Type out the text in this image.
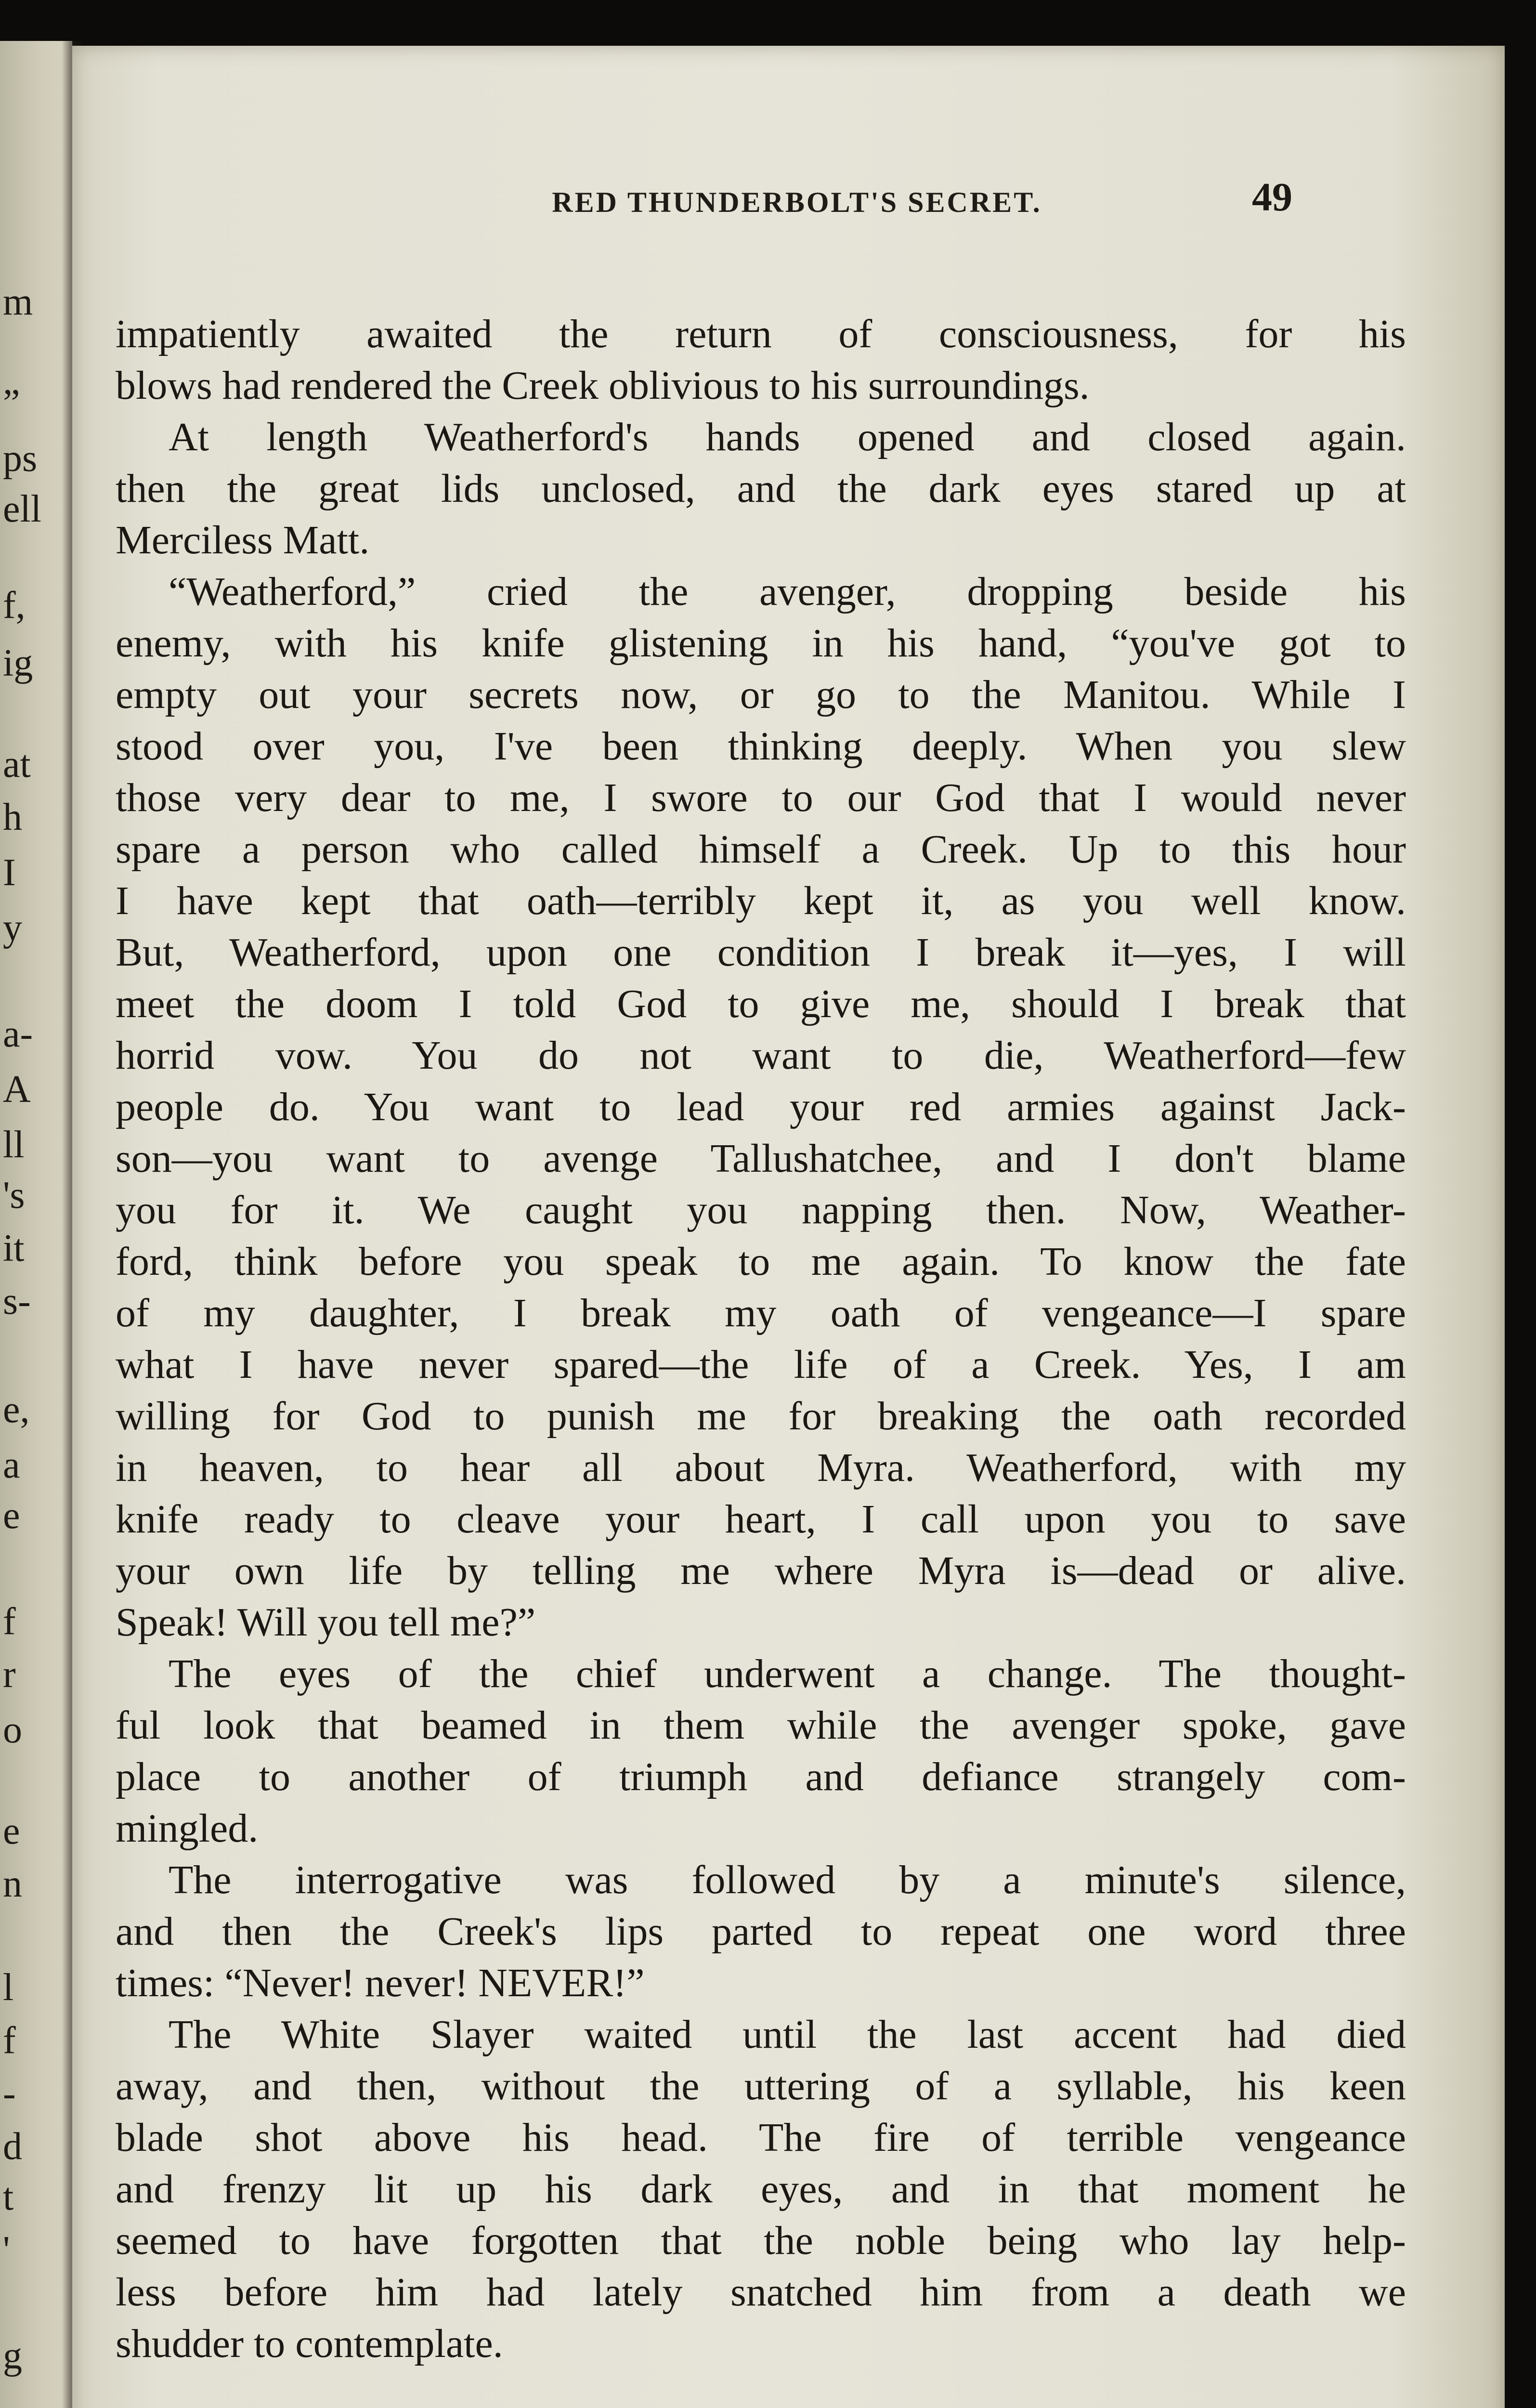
m
”
ps
ell
f,
ig
at
h
I
y
a-
A
ll
's
it
s-
e,
a
e
f
r
o
e
n
l
f
-
d
t
'
g
RED THUNDERBOLT'S SECRET.	49
impatiently awaited the return of consciousness, for his
blows had rendered the Creek oblivious to his surroundings.
At length Weatherford's hands opened and closed again.
then the great lids unclosed, and the dark eyes stared up at
Merciless Matt.
“Weatherford,” cried the avenger, dropping beside his
enemy, with his knife glistening in his hand, “you've got to
empty out your secrets now, or go to the Manitou. While I
stood over you, I've been thinking deeply. When you slew
those very dear to me, I swore to our God that I would never
spare a person who called himself a Creek. Up to this hour
I have kept that oath—terribly kept it, as you well know.
But, Weatherford, upon one condition I break it—yes, I will
meet the doom I told God to give me, should I break that
horrid vow. You do not want to die, Weatherford—few
people do. You want to lead your red armies against Jack-
son—you want to avenge Tallushatchee, and I don't blame
you for it. We caught you napping then. Now, Weather-
ford, think before you speak to me again. To know the fate
of my daughter, I break my oath of vengeance—I spare
what I have never spared—the life of a Creek. Yes, I am
willing for God to punish me for breaking the oath recorded
in heaven, to hear all about Myra. Weatherford, with my
knife ready to cleave your heart, I call upon you to save
your own life by telling me where Myra is—dead or alive.
Speak! Will you tell me?”
The eyes of the chief underwent a change. The thought-
ful look that beamed in them while the avenger spoke, gave
place to another of triumph and defiance strangely com-
mingled.
The interrogative was followed by a minute's silence,
and then the Creek's lips parted to repeat one word three
times: “Never! never! NEVER!”
The White Slayer waited until the last accent had died
away, and then, without the uttering of a syllable, his keen
blade shot above his head. The fire of terrible vengeance
and frenzy lit up his dark eyes, and in that moment he
seemed to have forgotten that the noble being who lay help-
less before him had lately snatched him from a death we
shudder to contemplate.
